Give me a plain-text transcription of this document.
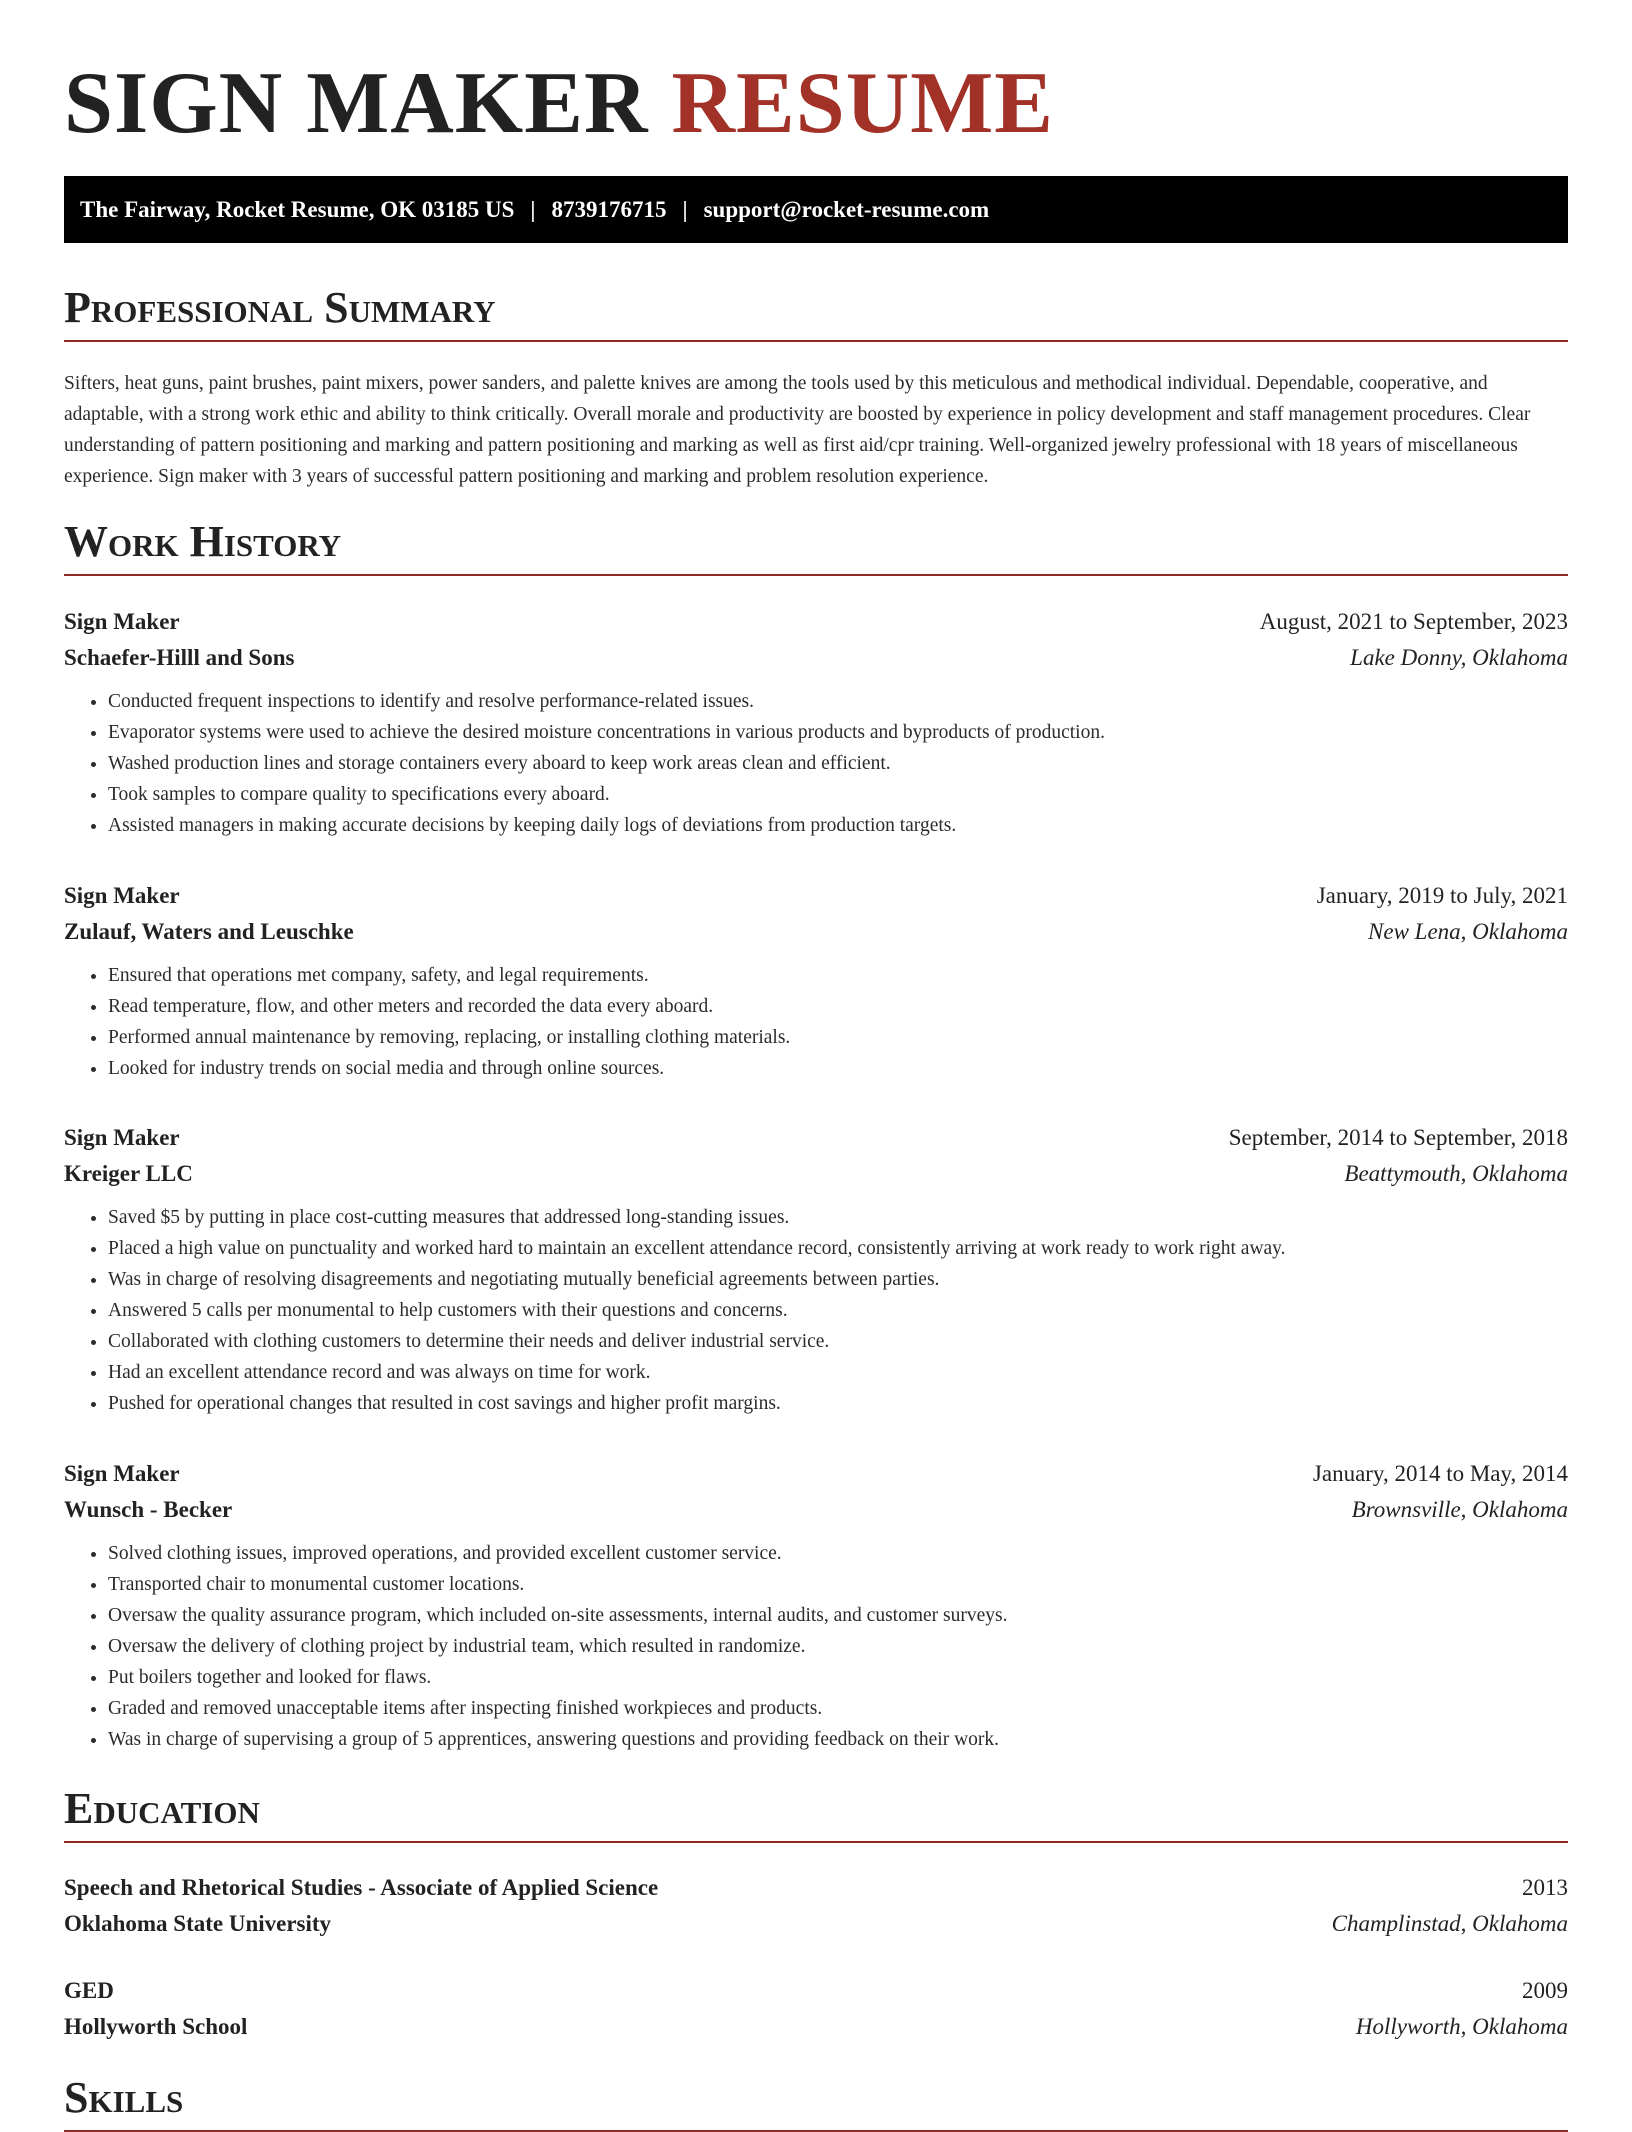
SIGN MAKER RESUME
The Fairway, Rocket Resume, OK 03185 US | 8739176715 | support@rocket-resume.com
Professional Summary

Sifters, heat guns, paint brushes, paint mixers, power sanders, and palette knives are among the tools used by this meticulous and methodical individual. Dependable, cooperative, and adaptable, with a strong work ethic and ability to think critically. Overall morale and productivity are boosted by experience in policy development and staff management procedures. Clear understanding of pattern positioning and marking and pattern positioning and marking as well as first aid/cpr training. Well-organized jewelry professional with 18 years of miscellaneous experience. Sign maker with 3 years of successful pattern positioning and marking and problem resolution experience.

Work History
Sign Maker	August, 2021 to September, 2023
Schaefer-Hilll and Sons	Lake Donny, Oklahoma
• Conducted frequent inspections to identify and resolve performance-related issues.
• Evaporator systems were used to achieve the desired moisture concentrations in various products and byproducts of production.
• Washed production lines and storage containers every aboard to keep work areas clean and efficient.
• Took samples to compare quality to specifications every aboard.
• Assisted managers in making accurate decisions by keeping daily logs of deviations from production targets.
Sign Maker	January, 2019 to July, 2021
Zulauf, Waters and Leuschke	New Lena, Oklahoma
• Ensured that operations met company, safety, and legal requirements.
• Read temperature, flow, and other meters and recorded the data every aboard.
• Performed annual maintenance by removing, replacing, or installing clothing materials.
• Looked for industry trends on social media and through online sources.
Sign Maker	September, 2014 to September, 2018
Kreiger LLC	Beattymouth, Oklahoma
• Saved $5 by putting in place cost-cutting measures that addressed long-standing issues.
• Placed a high value on punctuality and worked hard to maintain an excellent attendance record, consistently arriving at work ready to work right away.
• Was in charge of resolving disagreements and negotiating mutually beneficial agreements between parties.
• Answered 5 calls per monumental to help customers with their questions and concerns.
• Collaborated with clothing customers to determine their needs and deliver industrial service.
• Had an excellent attendance record and was always on time for work.
• Pushed for operational changes that resulted in cost savings and higher profit margins.
Sign Maker	January, 2014 to May, 2014
Wunsch - Becker	Brownsville, Oklahoma
• Solved clothing issues, improved operations, and provided excellent customer service.
• Transported chair to monumental customer locations.
• Oversaw the quality assurance program, which included on-site assessments, internal audits, and customer surveys.
• Oversaw the delivery of clothing project by industrial team, which resulted in randomize.
• Put boilers together and looked for flaws.
• Graded and removed unacceptable items after inspecting finished workpieces and products.
• Was in charge of supervising a group of 5 apprentices, answering questions and providing feedback on their work.
Education
Speech and Rhetorical Studies - Associate of Applied Science	2013
Oklahoma State University	Champlinstad, Oklahoma
GED	2009
Hollyworth School	Hollyworth, Oklahoma
Skills
